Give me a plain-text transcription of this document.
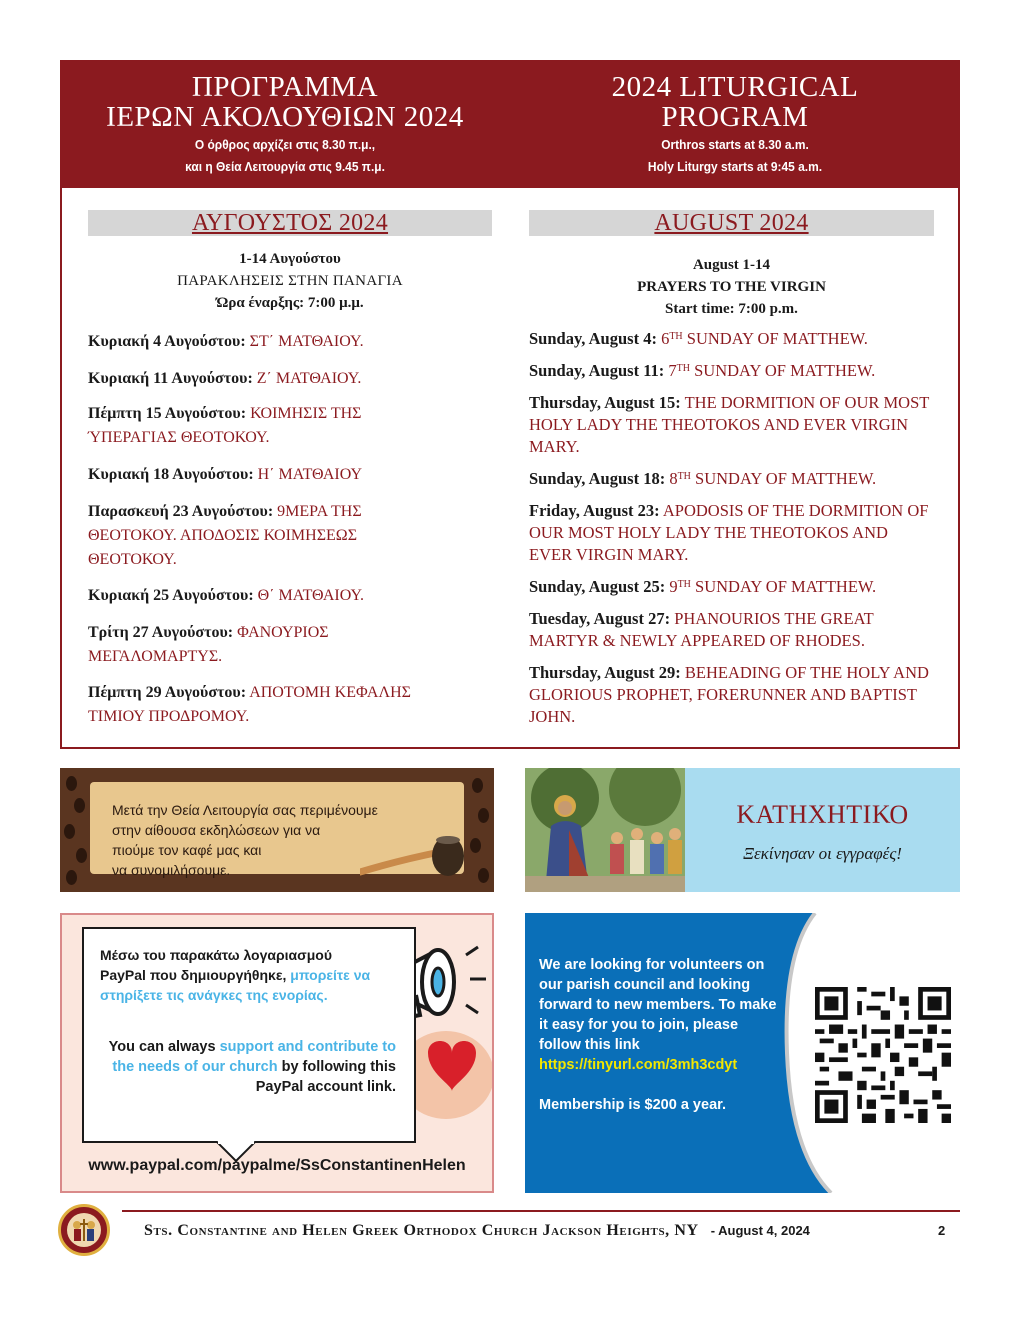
ΠΡΟΓΡΑΜΜΑ
ΙΕΡΩΝ ΑΚΟΛΟΥΘΙΩΝ 2024
Ο όρθρος αρχίζει στις 8.30 π.μ.,
και η Θεία Λειτουργία στις 9.45 π.μ.
2024 LITURGICAL
PROGRAM
Orthros starts at 8.30 a.m.
Holy Liturgy starts at 9:45 a.m.
ΑΥΓΟΥΣΤΟΣ 2024
1-14 Αυγούστου
ΠΑΡΑΚΛΗΣΕΙΣ ΣΤΗΝ ΠΑΝΑΓΙΑ
Ώρα έναρξης: 7:00 μ.μ.
Κυριακή 4 Αυγούστου: ΣΤ΄ ΜΑΤΘΑΙΟΥ.
Κυριακή 11 Αυγούστου: Ζ΄ ΜΑΤΘΑΙΟΥ.
Πέμπτη 15 Αυγούστου: ΚΟΙΜΗΣΙΣ ΤΗΣ ΎΠΕΡΑΓΙΑΣ ΘΕΟΤΟΚΟΥ.
Κυριακή 18 Αυγούστου: Η΄ ΜΑΤΘΑΙΟΥ
Παρασκευή 23 Αυγούστου: 9ΜΕΡΑ ΤΗΣ ΘΕΟΤΟΚΟΥ. ΑΠΟΔΟΣΙΣ ΚΟΙΜΗΣΕΩΣ ΘΕΟΤΟΚΟΥ.
Κυριακή 25 Αυγούστου: Θ΄ ΜΑΤΘΑΙΟΥ.
Τρίτη 27 Αυγούστου: ΦΑΝΟΥΡΙΟΣ ΜΕΓΑΛΟΜΑΡΤΥΣ.
Πέμπτη 29 Αυγούστου: ΑΠΟΤΟΜΗ ΚΕΦΑΛΗΣ ΤΙΜΙΟΥ ΠΡΟΔΡΟΜΟΥ.
AUGUST 2024
August 1-14
PRAYERS TO THE VIRGIN
Start time: 7:00 p.m.
Sunday, August 4: 6TH SUNDAY OF MATTHEW.
Sunday, August 11: 7TH SUNDAY OF MATTHEW.
Thursday, August 15: THE DORMITION OF OUR MOST HOLY LADY THE THEOTOKOS AND EVER VIRGIN MARY.
Sunday, August 18: 8TH SUNDAY OF MATTHEW.
Friday, August 23: APODOSIS OF THE DORMITION OF OUR MOST HOLY LADY THE THEOTOKOS AND EVER VIRGIN MARY.
Sunday, August 25: 9TH SUNDAY OF MATTHEW.
Tuesday, August 27: PHANOURIOS THE GREAT MARTYR & NEWLY APPEARED OF RHODES.
Thursday, August 29: BEHEADING OF THE HOLY AND GLORIOUS PROPHET, FORERUNNER AND BAPTIST JOHN.
Μετά την Θεία Λειτουργία σας περιμένουμε
στην αίθουσα εκδηλώσεων για να
πιούμε τον καφέ μας και
να συνομιλήσουμε.
ΚΑΤΗΧΗΤΙΚΟ
Ξεκίνησαν οι εγγραφές!
Μέσω του παρακάτω λογαριασμού PayPal που δημιουργήθηκε, μπορείτε να στηρίξετε τις ανάγκες της ενορίας.
You can always support and contribute to the needs of our church by following this PayPal account link.
www.paypal.com/paypalme/SsConstantinenHelen
We are looking for volunteers on our parish council and looking forward to new members. To make it easy for you to join, please follow this link
https://tinyurl.com/3mh3cdyt
Membership is $200 a year.
Sts. Constantine and Helen Greek Orthodox Church Jackson Heights, NY - August 4, 2024	2
